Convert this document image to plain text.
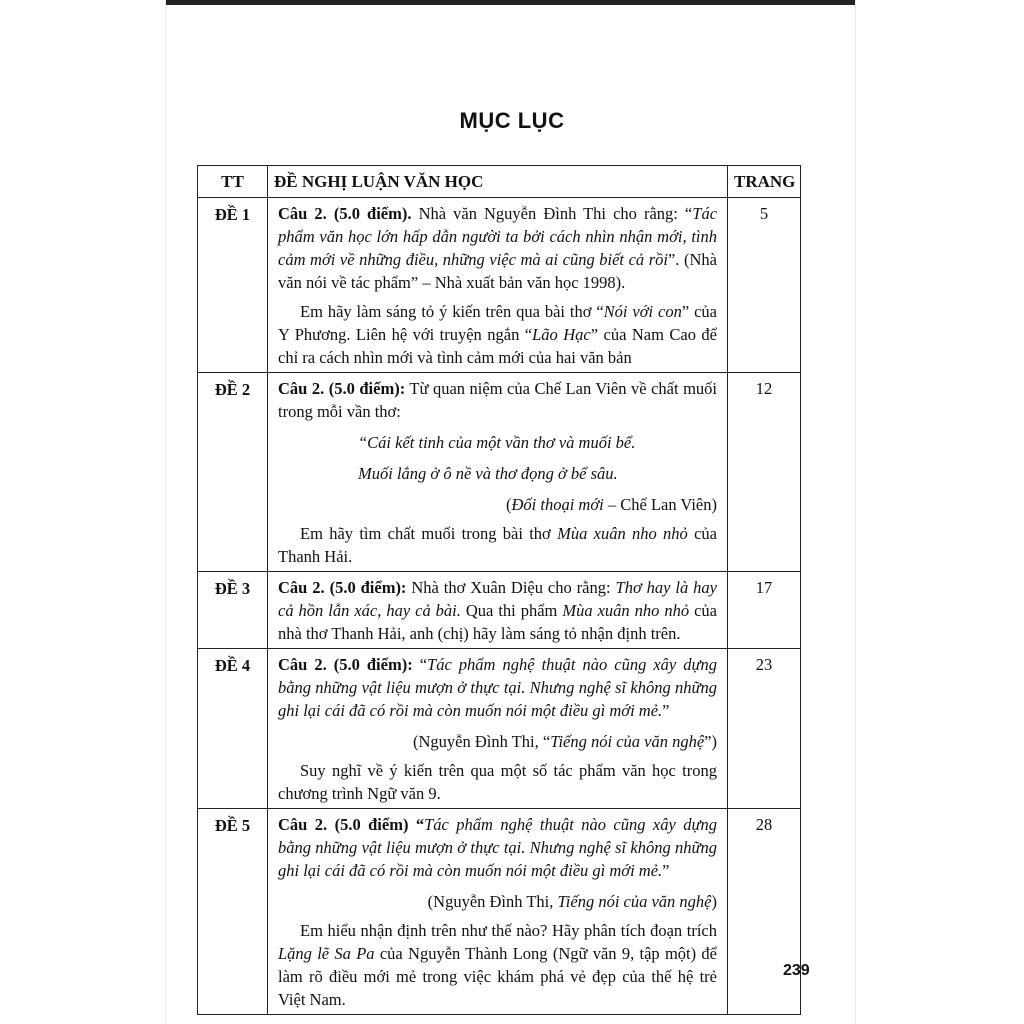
MỤC LỤC
TT	ĐỀ NGHỊ LUẬN VĂN HỌC	TRANG
ĐỀ 1	Câu 2. (5.0 điểm). Nhà văn Nguyễn Đình Thi cho rằng: “Tác phẩm văn học lớn hấp dẫn người ta bởi cách nhìn nhận mới, tình cảm mới về những điều, những việc mà ai cũng biết cả rồi”. (Nhà văn nói về tác phẩm” – Nhà xuất bản văn học 1998).

Em hãy làm sáng tỏ ý kiến trên qua bài thơ “Nói với con” của Y Phương. Liên hệ với truyện ngắn “Lão Hạc” của Nam Cao để chỉ ra cách nhìn mới và tình cảm mới của hai văn bản	5
ĐỀ 2	Câu 2. (5.0 điểm): Từ quan niệm của Chế Lan Viên về chất muối trong mỗi vần thơ:

“Cái kết tinh của một vần thơ và muối bể.

Muối lắng ở ô nề và thơ đọng ở bể sâu.

(Đối thoại mới – Chế Lan Viên)

Em hãy tìm chất muối trong bài thơ Mùa xuân nho nhỏ của Thanh Hải.	12
ĐỀ 3	Câu 2. (5.0 điểm): Nhà thơ Xuân Diệu cho rằng: Thơ hay là hay cả hồn lẫn xác, hay cả bài. Qua thi phẩm Mùa xuân nho nhỏ của nhà thơ Thanh Hải, anh (chị) hãy làm sáng tỏ nhận định trên.	17
ĐỀ 4	Câu 2. (5.0 điểm): “Tác phẩm nghệ thuật nào cũng xây dựng bằng những vật liệu mượn ở thực tại. Nhưng nghệ sĩ không những ghi lại cái đã có rồi mà còn muốn nói một điều gì mới mẻ.”

(Nguyễn Đình Thi, “Tiếng nói của văn nghệ”)

Suy nghĩ về ý kiến trên qua một số tác phẩm văn học trong chương trình Ngữ văn 9.	23
ĐỀ 5	Câu 2. (5.0 điểm) “Tác phẩm nghệ thuật nào cũng xây dựng bằng những vật liệu mượn ở thực tại. Nhưng nghệ sĩ không những ghi lại cái đã có rồi mà còn muốn nói một điều gì mới mẻ.”

(Nguyễn Đình Thi, Tiếng nói của văn nghệ)

Em hiểu nhận định trên như thế nào? Hãy phân tích đoạn trích Lặng lẽ Sa Pa của Nguyễn Thành Long (Ngữ văn 9, tập một) để làm rõ điều mới mẻ trong việc khám phá vẻ đẹp của thế hệ trẻ Việt Nam.	28
239
